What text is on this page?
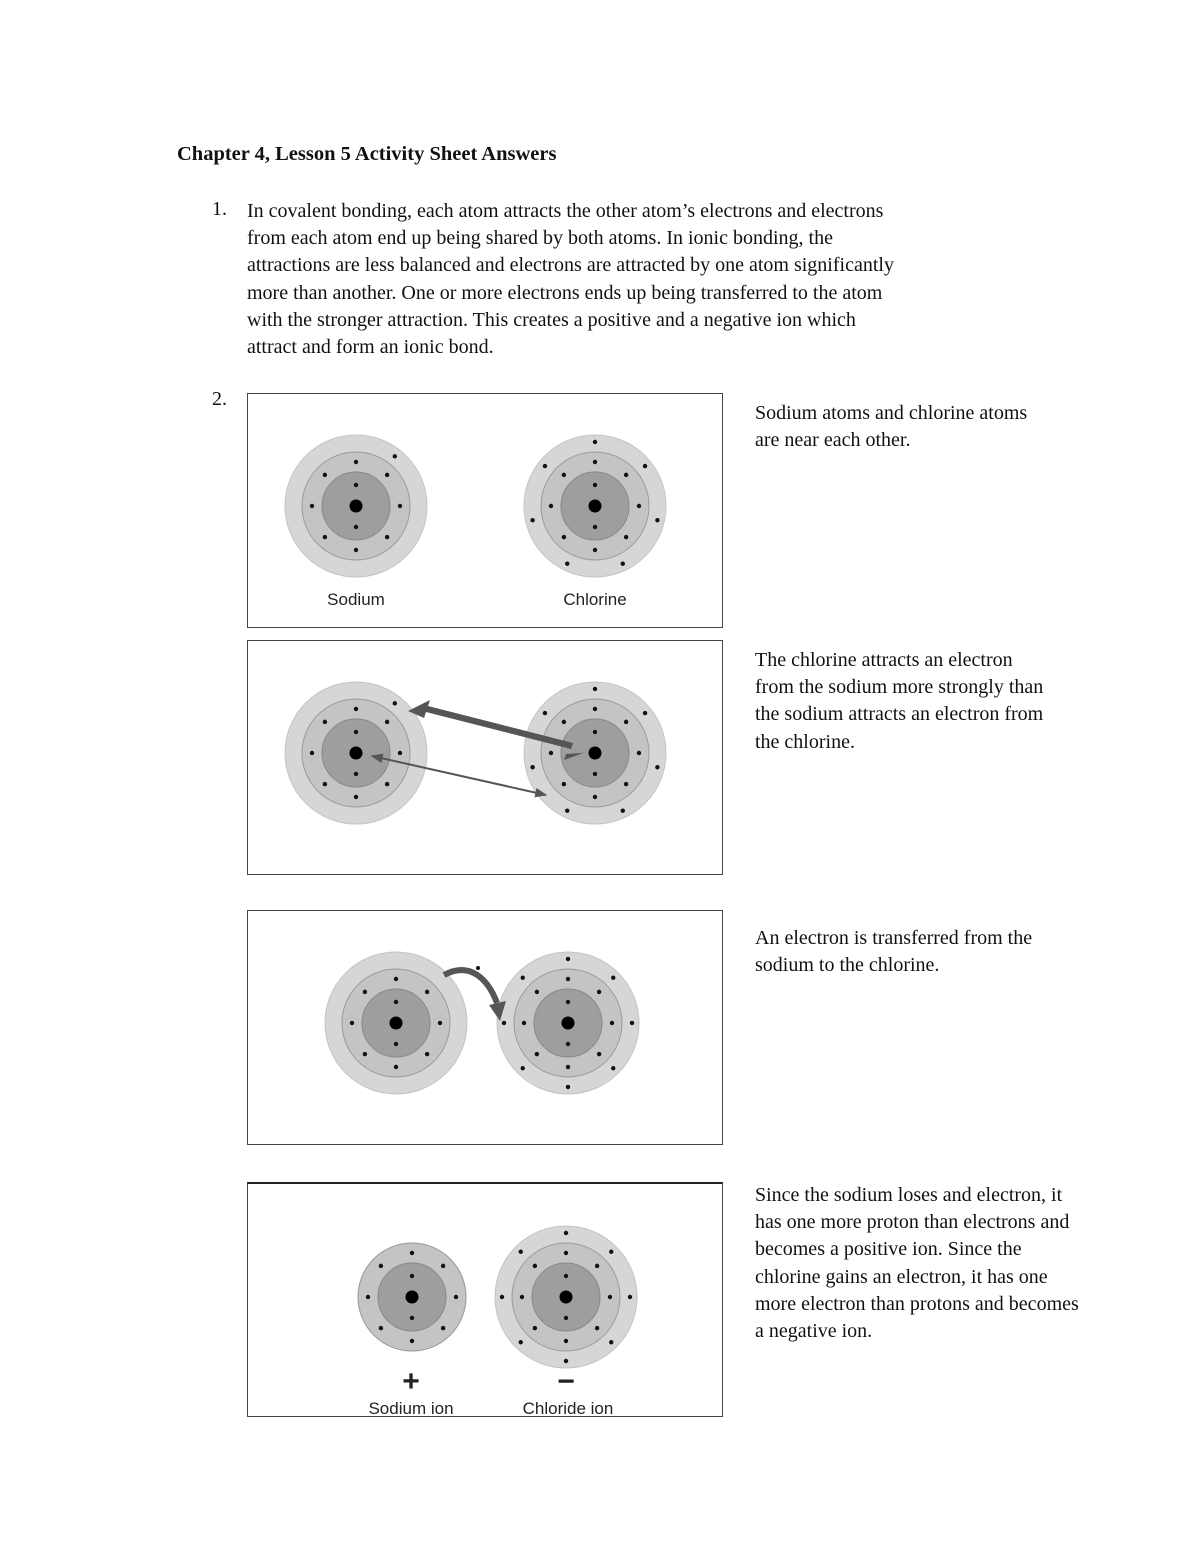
Chapter 4, Lesson 5 Activity Sheet Answers
1. In covalent bonding, each atom attracts the other atom’s electrons and electrons
from each atom end up being shared by both atoms. In ionic bonding, the
attractions are less balanced and electrons are attracted by one atom significantly
more than another. One or more electrons ends up being transferred to the atom
with the stronger attraction. This creates a positive and a negative ion which
attract and form an ionic bond.
2.
Sodium	Chlorine
Sodium atoms and chlorine atoms
are near each other.
The chlorine attracts an electron
from the sodium more strongly than
the sodium attracts an electron from
the chlorine.
An electron is transferred from the
sodium to the chlorine.
+	−
Sodium ion	Chloride ion
Since the sodium loses and electron, it
has one more proton than electrons and
becomes a positive ion. Since the
chlorine gains an electron, it has one
more electron than protons and becomes
a negative ion.
